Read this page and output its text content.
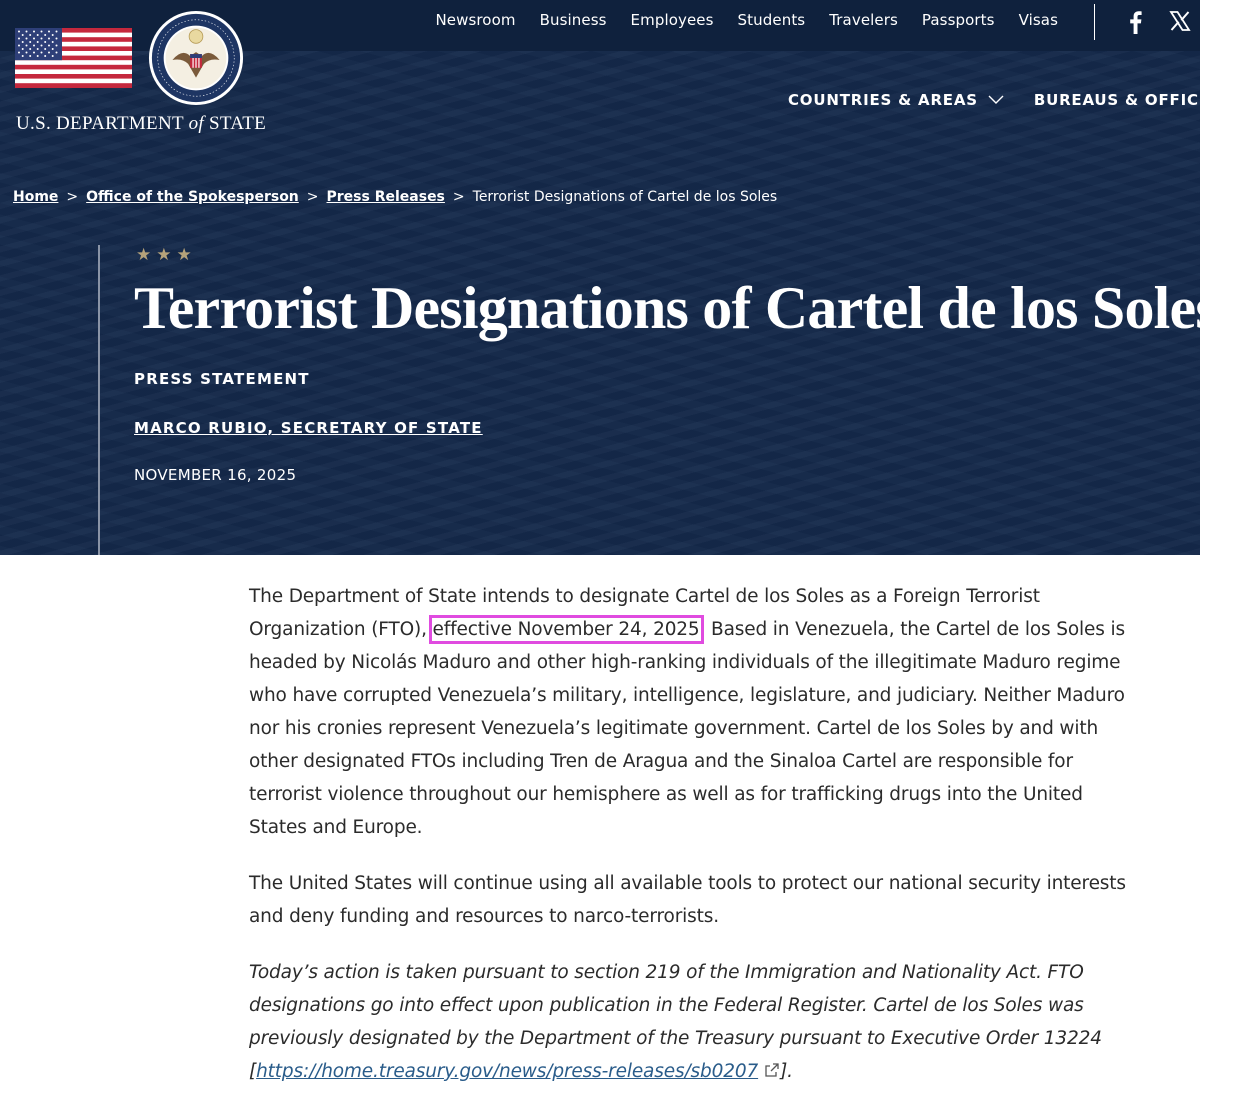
U.S. DEPARTMENT of STATE
Newsroom Business Employees Students Travelers Passports Visas
COUNTRIES & AREAS	BUREAUS & OFFICES
Home > Office of the Spokesperson > Press Releases > Terrorist Designations of Cartel de los Soles
★★★
Terrorist Designations of Cartel de los Soles
PRESS STATEMENT
MARCO RUBIO, SECRETARY OF STATE
NOVEMBER 16, 2025

The Department of State intends to designate Cartel de los Soles as a Foreign Terrorist Organization (FTO), effective November 24, 2025. Based in Venezuela, the Cartel de los Soles is headed by Nicolás Maduro and other high-ranking individuals of the illegitimate Maduro regime who have corrupted Venezuela’s military, intelligence, legislature, and judiciary. Neither Maduro nor his cronies represent Venezuela’s legitimate government. Cartel de los Soles by and with other designated FTOs including Tren de Aragua and the Sinaloa Cartel are responsible for terrorist violence throughout our hemisphere as well as for trafficking drugs into the United States and Europe.

The United States will continue using all available tools to protect our national security interests and deny funding and resources to narco-terrorists.

Today’s action is taken pursuant to section 219 of the Immigration and Nationality Act. FTO designations go into effect upon publication in the Federal Register. Cartel de los Soles was previously designated by the Department of the Treasury pursuant to Executive Order 13224 [https://home.treasury.gov/news/press-releases/sb0207 ].
